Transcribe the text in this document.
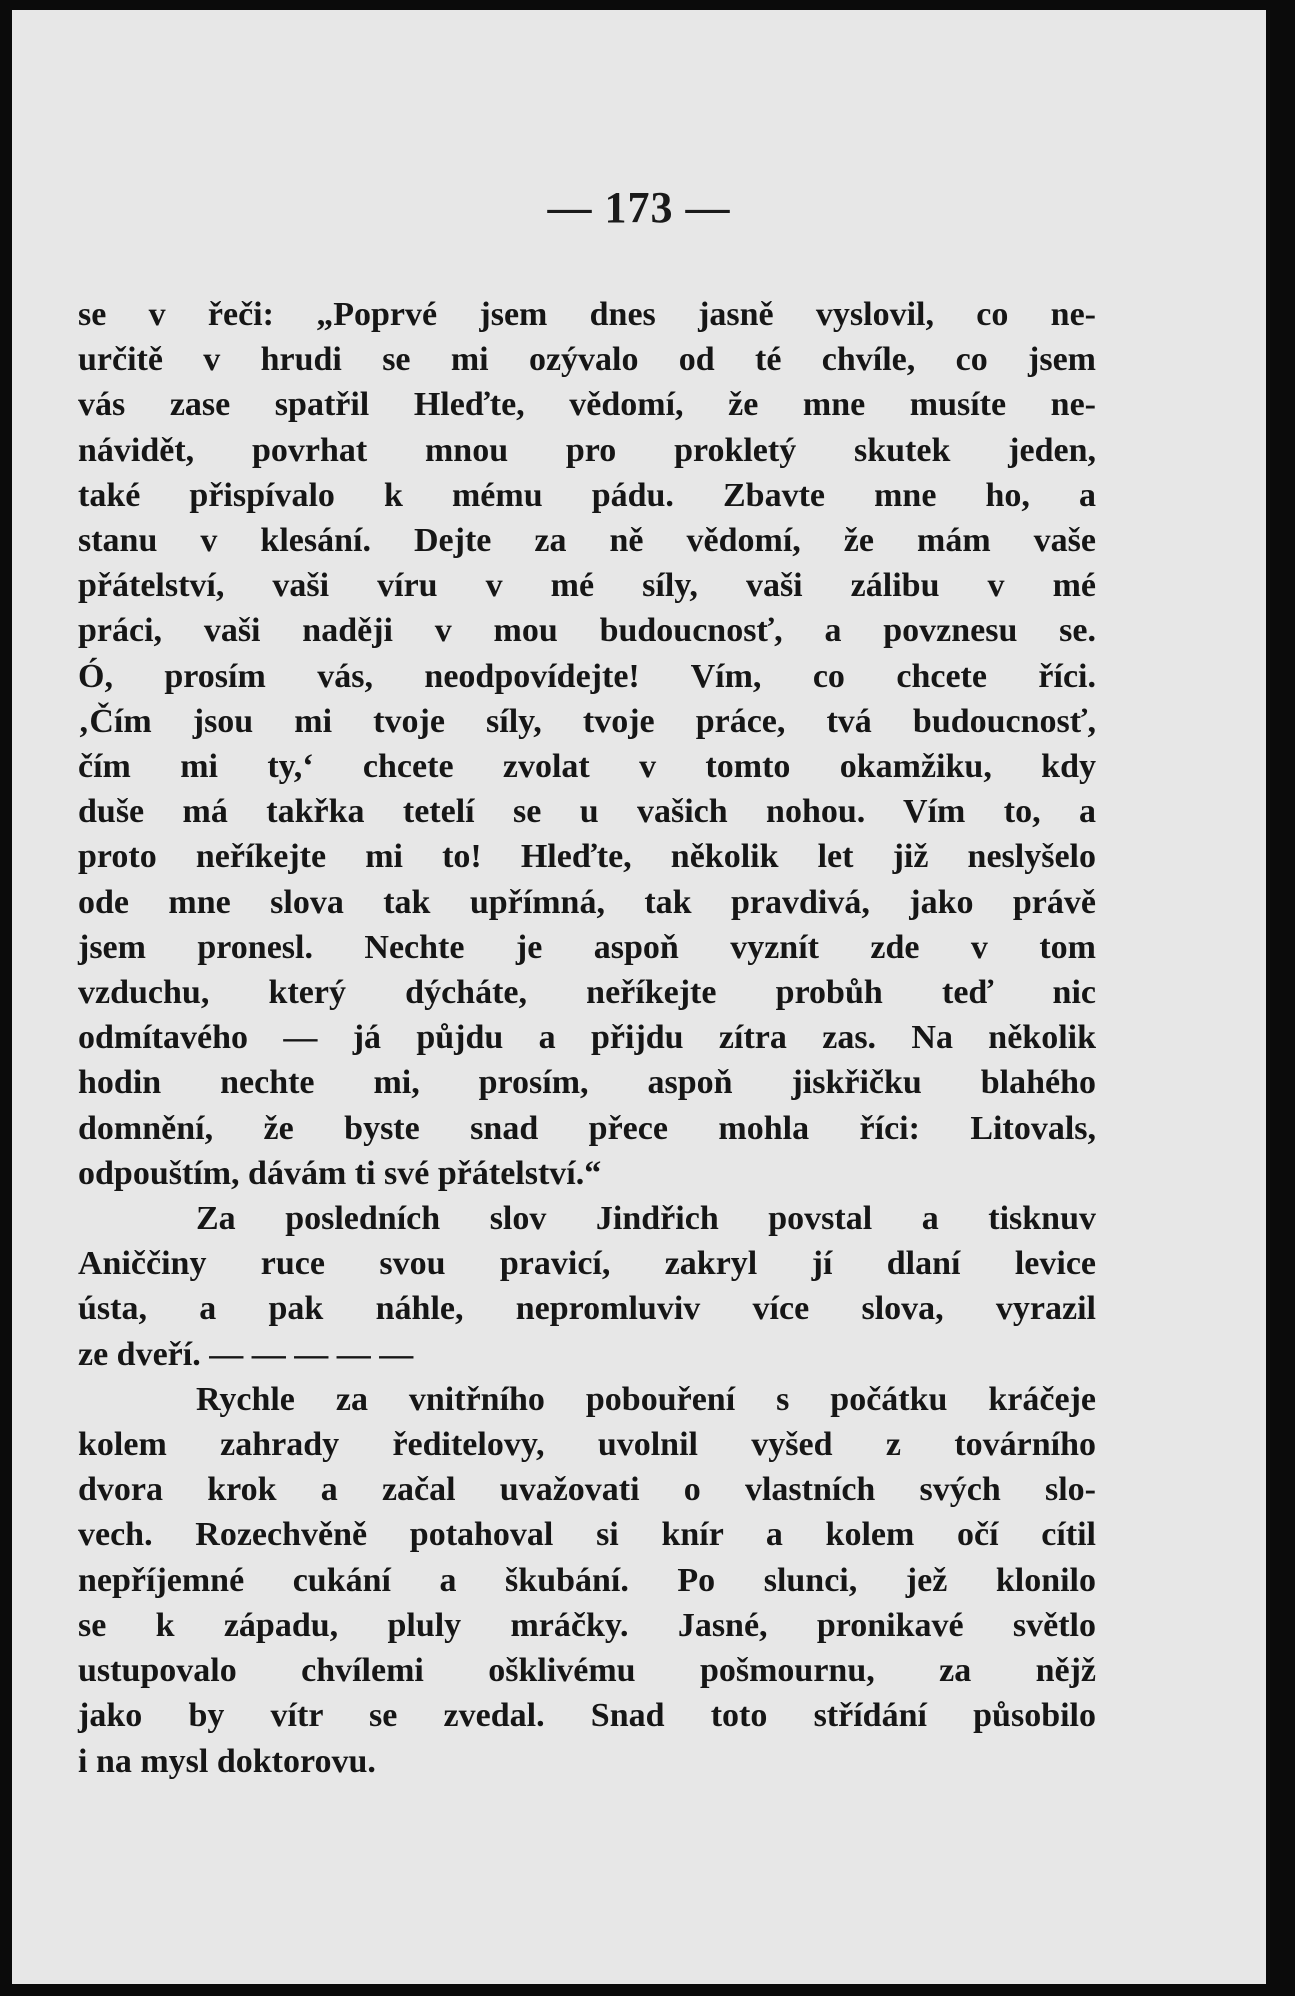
— 173 —
se v řeči: „Poprvé jsem dnes jasně vyslovil, co ne-
určitě v hrudi se mi ozývalo od té chvíle, co jsem
vás zase spatřil Hleďte, vědomí, že mne musíte ne-
návidět, povrhat mnou pro prokletý skutek jeden,
také přispívalo k mému pádu. Zbavte mne ho, a
stanu v klesání. Dejte za ně vědomí, že mám vaše
přátelství, vaši víru v mé síly, vaši zálibu v mé
práci, vaši naději v mou budoucnosť, a povznesu se.
Ó, prosím vás, neodpovídejte! Vím, co chcete říci.
‚Čím jsou mi tvoje síly, tvoje práce, tvá budoucnosť,
čím mi ty,‘ chcete zvolat v tomto okamžiku, kdy
duše má takřka tetelí se u vašich nohou. Vím to, a
proto neříkejte mi to! Hleďte, několik let již neslyšelo
ode mne slova tak upřímná, tak pravdivá, jako právě
jsem pronesl. Nechte je aspoň vyznít zde v tom
vzduchu, který dýcháte, neříkejte probůh teď nic
odmítavého — já půjdu a přijdu zítra zas. Na několik
hodin nechte mi, prosím, aspoň jiskřičku blahého
domnění, že byste snad přece mohla říci: Litovals,
odpouštím, dávám ti své přátelství.“
Za posledních slov Jindřich povstal a tisknuv
Aniččiny ruce svou pravicí, zakryl jí dlaní levice
ústa, a pak náhle, nepromluviv více slova, vyrazil
ze dveří. — — — — —
Rychle za vnitřního pobouření s počátku kráčeje
kolem zahrady ředitelovy, uvolnil vyšed z továrního
dvora krok a začal uvažovati o vlastních svých slo-
vech. Rozechvěně potahoval si knír a kolem očí cítil
nepříjemné cukání a škubání. Po slunci, jež klonilo
se k západu, pluly mráčky. Jasné, pronikavé světlo
ustupovalo chvílemi ošklivému pošmournu, za nějž
jako by vítr se zvedal. Snad toto střídání působilo
i na mysl doktorovu.
